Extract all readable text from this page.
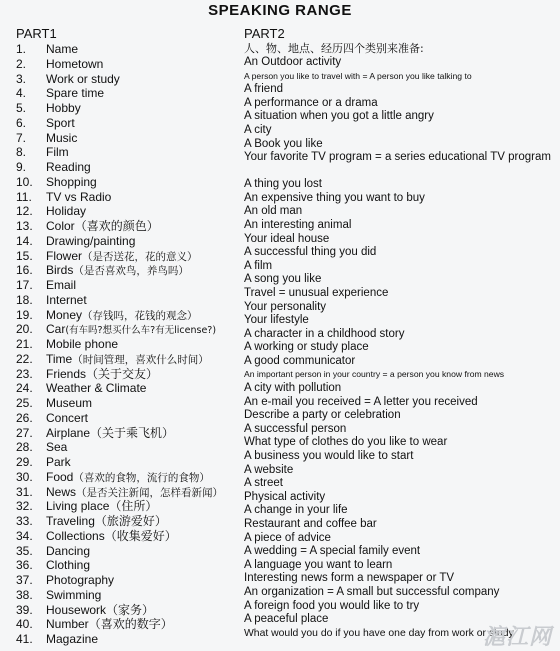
SPEAKING RANGE
PART1
1. Name
2. Hometown
3. Work or study
4. Spare time
5. Hobby
6. Sport
7. Music
8. Film
9. Reading
10. Shopping
11. TV vs Radio
12. Holiday
13. Color（喜欢的颜色）
14. Drawing/painting
15. Flower（是否送花，花的意义）
16. Birds（是否喜欢鸟，养鸟吗）
17. Email
18. Internet
19. Money（存钱吗，花钱的观念）
20. Car(有车吗?想买什么车?有无license?)
21. Mobile phone
22. Time（时间管理，喜欢什么时间）
23. Friends（关于交友）
24. Weather & Climate
25. Museum
26. Concert
27. Airplane（关于乘飞机）
28. Sea
29. Park
30. Food（喜欢的食物，流行的食物）
31. News（是否关注新闻，怎样看新闻）
32. Living place（住所）
33. Traveling（旅游爱好）
34. Collections（收集爱好）
35. Dancing
36. Clothing
37. Photography
38. Swimming
39. Housework（家务）
40. Number（喜欢的数字）
41. Magazine
PART2
人、物、地点、经历四个类别来准备:
An Outdoor activity
A person you like to travel with = A person you like talking to
A friend
A performance or a drama
A situation when you got a little angry
A city
A Book you like
Your favorite TV program = a series educational TV program
A thing you lost
An expensive thing you want to buy
An old man
An interesting animal
Your ideal house
A successful thing you did
A film
A song you like
Travel = unusual experience
Your personality
Your lifestyle
A character in a childhood story
A working or study place
A good communicator
An important person in your country = a person you know from news
A city with pollution
An e-mail you received = A letter you received
Describe a party or celebration
A successful person
What type of clothes do you like to wear
A business you would like to start
A website
A street
Physical activity
A change in your life
Restaurant and coffee bar
A piece of advice
A wedding = A special family event
A language you want to learn
Interesting news form a newspaper or TV
An organization = A small but successful company
A foreign food you would like to try
A peaceful place
What would you do if you have one day from work or study
滬江网
